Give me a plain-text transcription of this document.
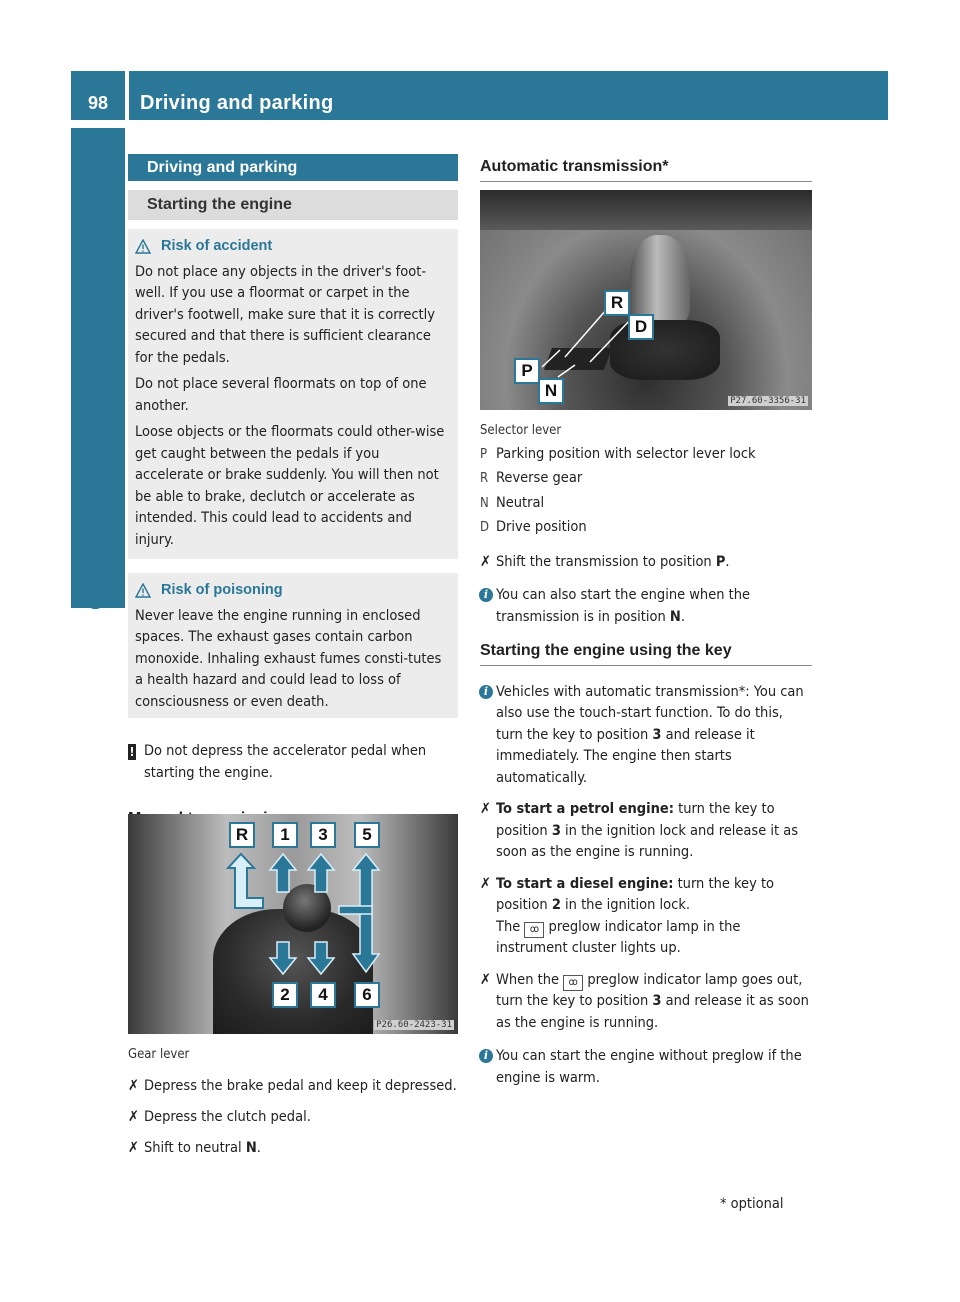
98	Driving and parking
Controls
Driving and parking
Starting the engine
Risk of accident

Do not place any objects in the driver's foot-well. If you use a floormat or carpet in the driver's footwell, make sure that it is correctly secured and that there is sufficient clearance for the pedals.

Do not place several floormats on top of one another.

Loose objects or the floormats could other-wise get caught between the pedals if you accelerate or brake suddenly. You will then not be able to brake, declutch or accelerate as intended. This could lead to accidents and injury.

Risk of poisoning

Never leave the engine running in enclosed spaces. The exhaust gases contain carbon monoxide. Inhaling exhaust fumes consti-tutes a health hazard and could lead to loss of consciousness or even death.

! Do not depress the accelerator pedal when starting the engine.

R	1	3	5
2	4	6
P26.60-2423-31
Gear lever

✗ Depress the brake pedal and keep it depressed.

✗ Depress the clutch pedal.

✗ Shift to neutral N.

Automatic transmission*
R
D
P
N
P27.60-3356-31
Selector lever
P Parking position with selector lever lock
R Reverse gear
N Neutral
D Drive position

✗ Shift the transmission to position P.

i You can also start the engine when the transmission is in position N.

Starting the engine using the key

i Vehicles with automatic transmission*: You can also use the touch-start function. To do this, turn the key to position 3 and release it immediately. The engine then starts automatically.

✗ To start a petrol engine: turn the key to position 3 in the ignition lock and release it as soon as the engine is running.

✗ To start a diesel engine: turn the key to position 2 in the ignition lock.
The ꝏ preglow indicator lamp in the instrument cluster lights up.

✗ When the ꝏ preglow indicator lamp goes out, turn the key to position 3 and release it as soon as the engine is running.

i You can start the engine without preglow if the engine is warm.

* optional
